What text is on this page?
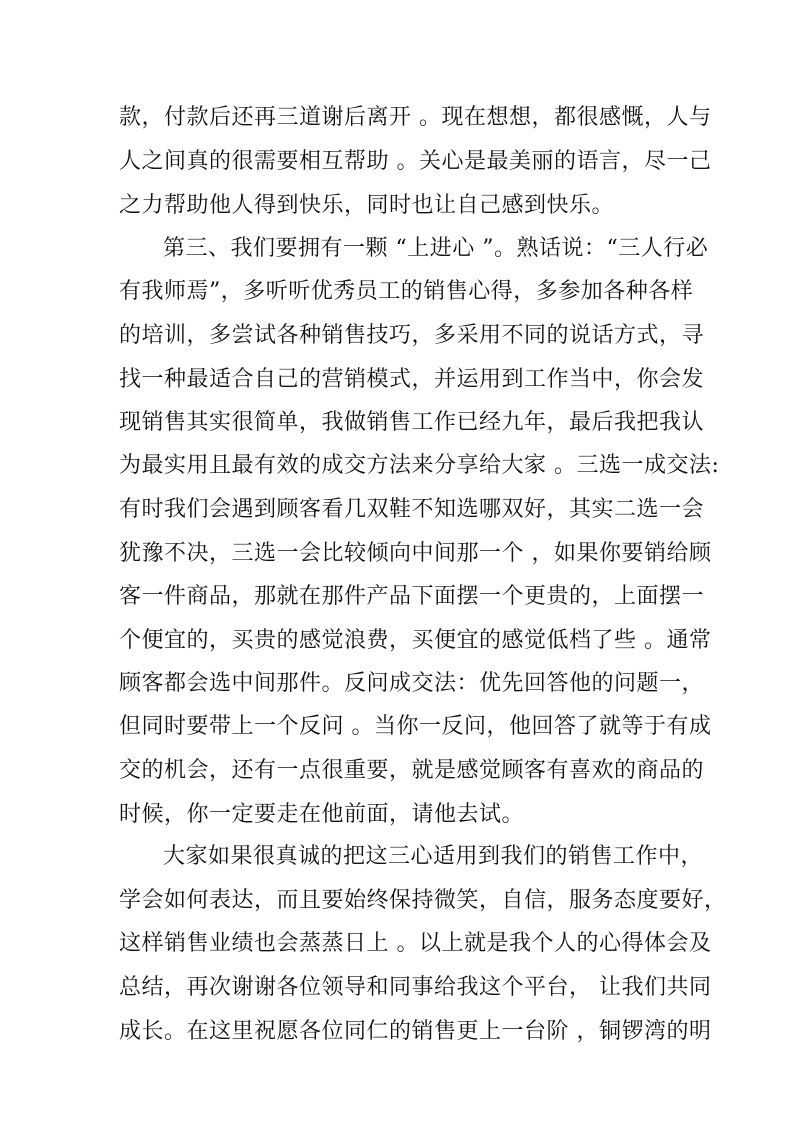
款，付款后还再三道谢后离开 。现在想想，都很感慨，人与
人之间真的很需要相互帮助 。关心是最美丽的语言，尽一己
之力帮助他人得到快乐，同时也让自己感到快乐。
第三、我们要拥有一颗 “上进心 ”。熟话说：“三人行必
有我师焉”，多听听优秀员工的销售心得，多参加各种各样
的培训，多尝试各种销售技巧，多采用不同的说话方式，寻
找一种最适合自己的营销模式，并运用到工作当中，你会发
现销售其实很简单，我做销售工作已经九年，最后我把我认
为最实用且最有效的成交方法来分享给大家 。三选一成交法:
有时我们会遇到顾客看几双鞋不知选哪双好，其实二选一会
犹豫不决，三选一会比较倾向中间那一个 ，如果你要销给顾
客一件商品，那就在那件产品下面摆一个更贵的，上面摆一
个便宜的，买贵的感觉浪费，买便宜的感觉低档了些 。通常
顾客都会选中间那件。反问成交法：优先回答他的问题一，
但同时要带上一个反问 。当你一反问，他回答了就等于有成
交的机会，还有一点很重要，就是感觉顾客有喜欢的商品的
时候，你一定要走在他前面，请他去试。
大家如果很真诚的把这三心适用到我们的销售工作中，
学会如何表达，而且要始终保持微笑，自信，服务态度要好，
这样销售业绩也会蒸蒸日上 。以上就是我个人的心得体会及
总结，再次谢谢各位领导和同事给我这个平台， 让我们共同
成长。在这里祝愿各位同仁的销售更上一台阶 ，铜锣湾的明
